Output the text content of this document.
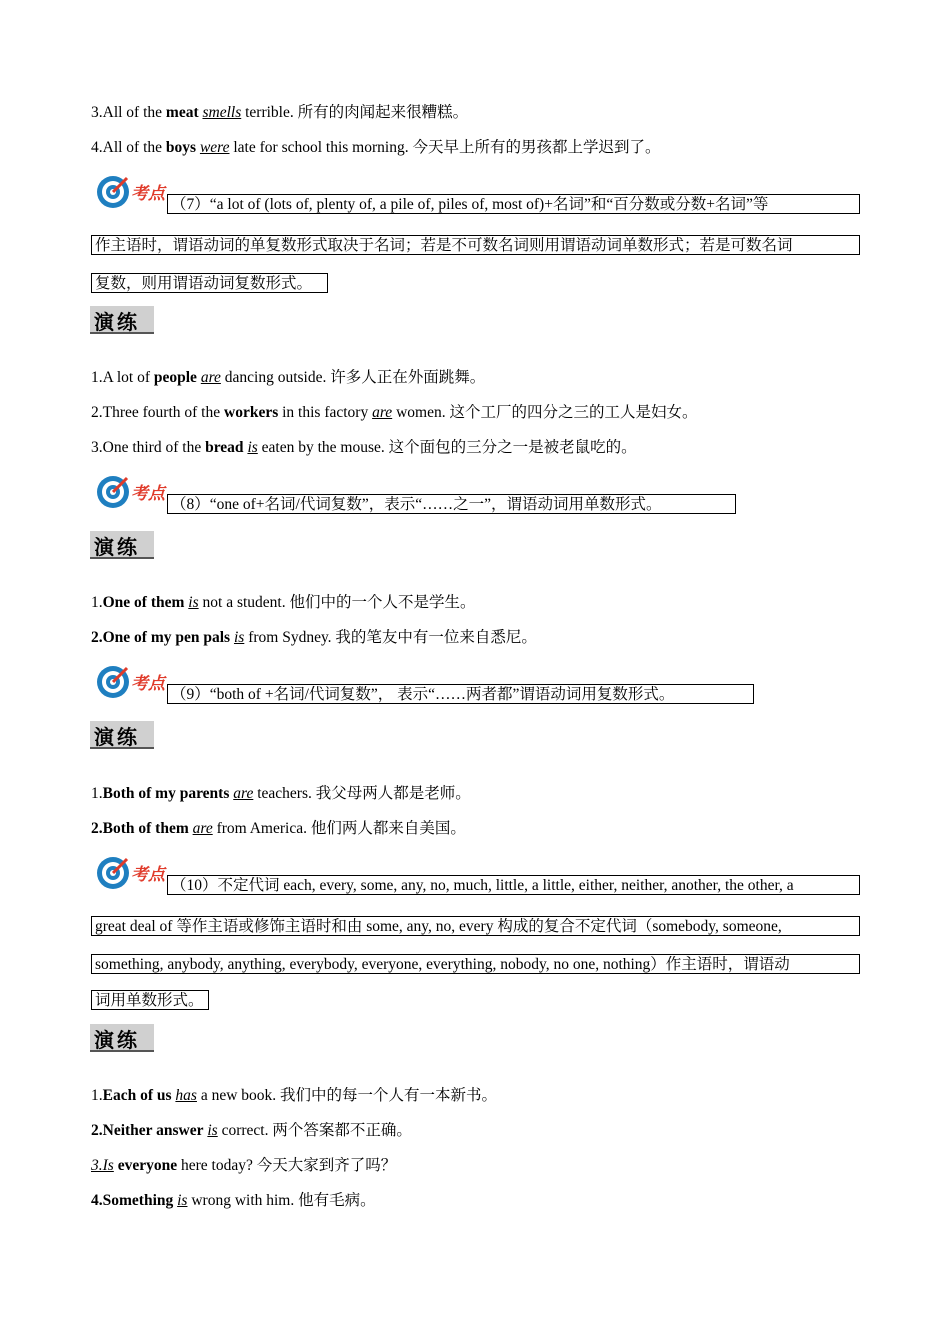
3.All of the meat smells terrible. 所有的肉闻起来很糟糕。
4.All of the boys were late for school this morning. 今天早上所有的男孩都上学迟到了。
考点
（7）“a lot of (lots of, plenty of, a pile of, piles of, most of)+名词”和“百分数或分数+名词”等
作主语时，谓语动词的单复数形式取决于名词；若是不可数名词则用谓语动词单数形式；若是可数名词
复数，则用谓语动词复数形式。
演练
1.A lot of people are dancing outside. 许多人正在外面跳舞。
2.Three fourth of the workers in this factory are women. 这个工厂的四分之三的工人是妇女。
3.One third of the bread is eaten by the mouse. 这个面包的三分之一是被老鼠吃的。
考点
（8）“one of+名词/代词复数”，表示“……之一”，谓语动词用单数形式。
演练
1.One of them is not a student. 他们中的一个人不是学生。
2.One of my pen pals is from Sydney. 我的笔友中有一位来自悉尼。
考点
（9）“both of +名词/代词复数”， 表示“……两者都”谓语动词用复数形式。
演练
1.Both of my parents are teachers. 我父母两人都是老师。
2.Both of them are from America. 他们两人都来自美国。
考点
（10）不定代词 each, every, some, any, no, much, little, a little, either, neither, another, the other, a
great deal of 等作主语或修饰主语时和由 some, any, no, every 构成的复合不定代词（somebody, someone,
something, anybody, anything, everybody, everyone, everything, nobody, no one, nothing）作主语时，谓语动
词用单数形式。
演练
1.Each of us has a new book. 我们中的每一个人有一本新书。
2.Neither answer is correct. 两个答案都不正确。
3.Is everyone here today? 今天大家到齐了吗？
4.Something is wrong with him. 他有毛病。
